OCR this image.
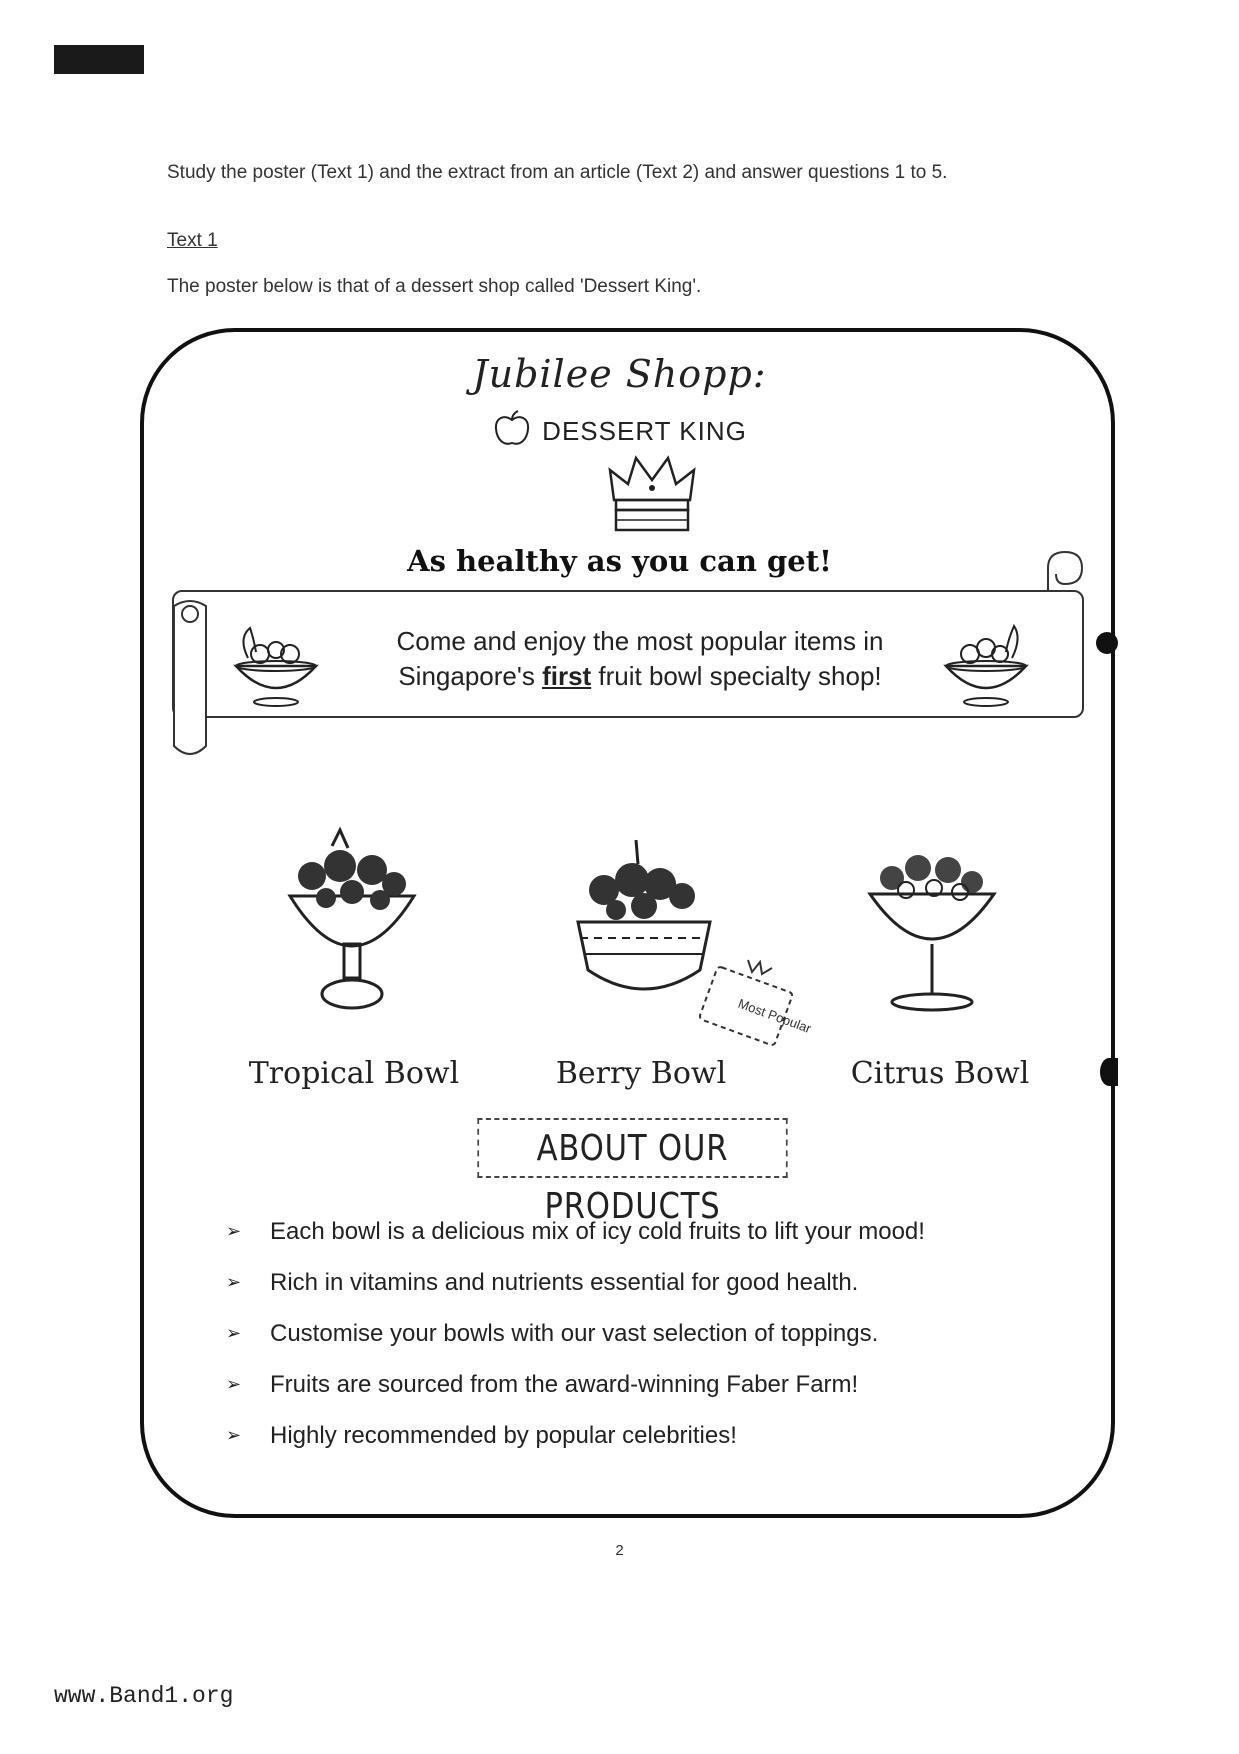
Study the poster (Text 1) and the extract from an article (Text 2) and answer questions 1 to 5.
Text 1
The poster below is that of a dessert shop called 'Dessert King'.
Jubilee Shopp:
DESSERT KING
As healthy as you can get!
Come and enjoy the most popular items in
Singapore's first fruit bowl specialty shop!
Most Popular
Tropical Bowl	Berry Bowl	Citrus Bowl
ABOUT OUR PRODUCTS
➢	Each bowl is a delicious mix of icy cold fruits to lift your mood!
➢	Rich in vitamins and nutrients essential for good health.
➢	Customise your bowls with our vast selection of toppings.
➢	Fruits are sourced from the award-winning Faber Farm!
➢	Highly recommended by popular celebrities!
2
www.Band1.org
